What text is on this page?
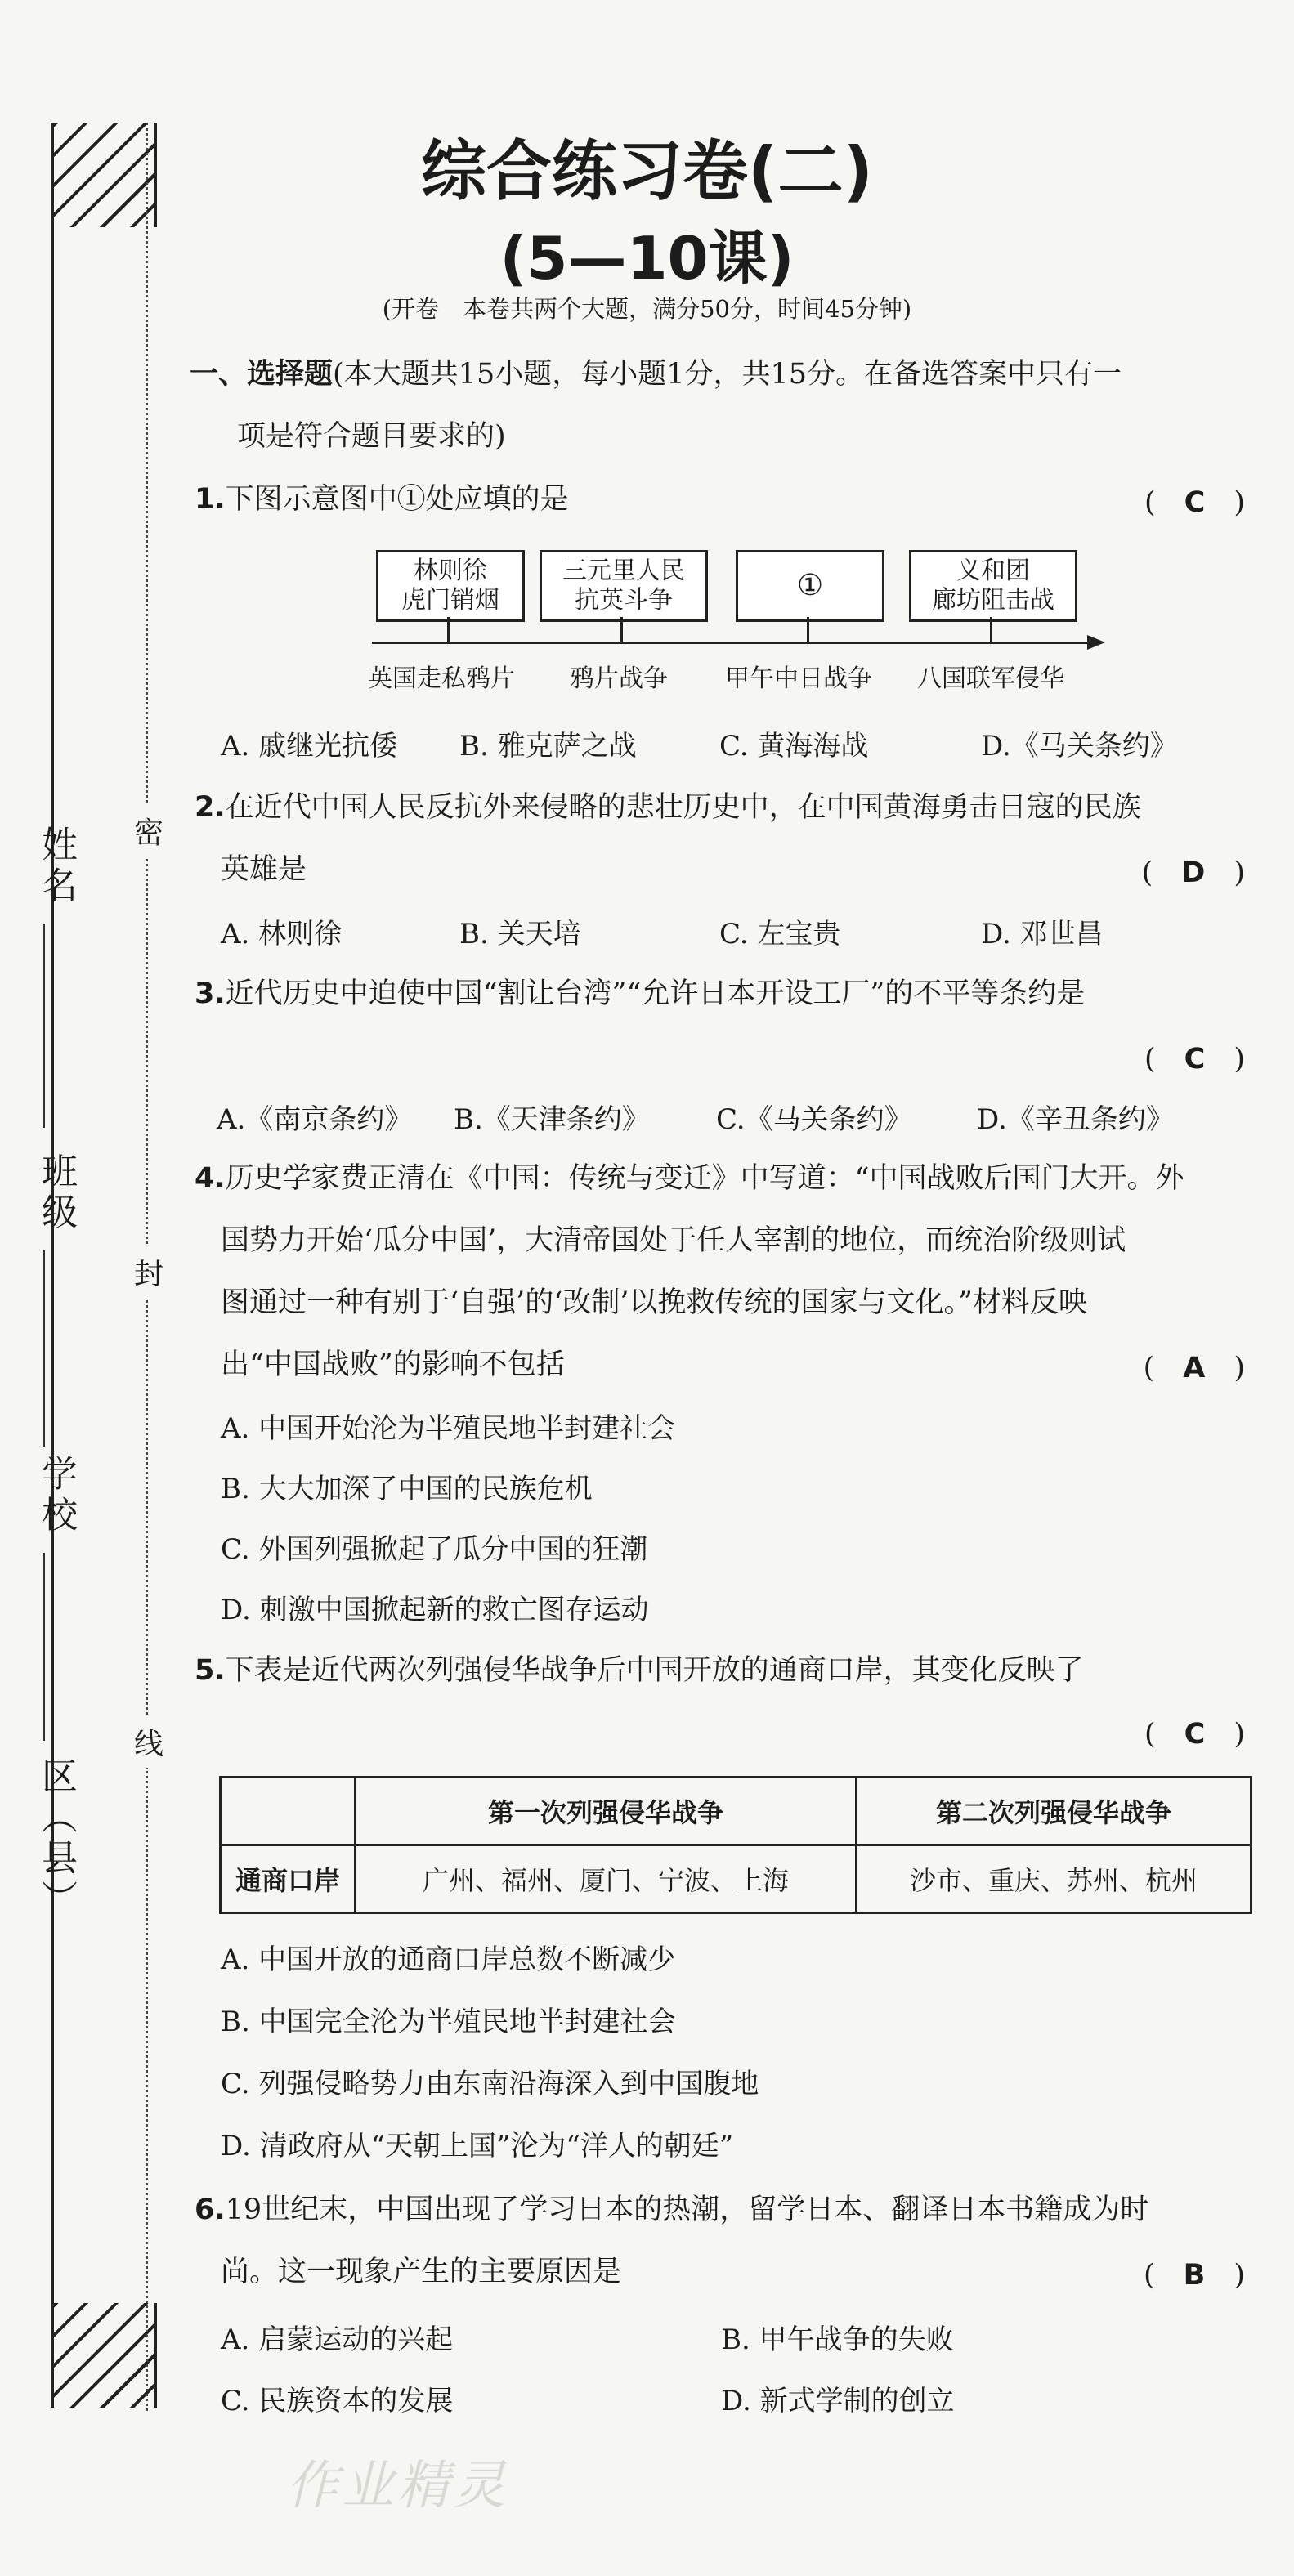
密
封
线
姓名
班级
学校
区（县）
综合练习卷(二)
(5—10课)
(开卷　本卷共两个大题，满分50分，时间45分钟)
一、选择题(本大题共15小题，每小题1分，共15分。在备选答案中只有一
项是符合题目要求的)
1.下图示意图中①处应填的是	(　C　)
林则徐
虎门销烟
三元里人民
抗英斗争	①	义和团
廊坊阻击战
英国走私鸦片 鸦片战争 甲午中日战争 八国联军侵华
A. 戚继光抗倭 B. 雅克萨之战	C. 黄海海战	D.《马关条约》
2.在近代中国人民反抗外来侵略的悲壮历史中，在中国黄海勇击日寇的民族
英雄是	(　D　)
A. 林则徐	B. 关天培	C. 左宝贵	D. 邓世昌
3.近代历史中迫使中国“割让台湾”“允许日本开设工厂”的不平等条约是
(　C　)
A.《南京条约》 B.《天津条约》 C.《马关条约》 D.《辛丑条约》
4.历史学家费正清在《中国：传统与变迁》中写道：“中国战败后国门大开。外
国势力开始‘瓜分中国’，大清帝国处于任人宰割的地位，而统治阶级则试
图通过一种有别于‘自强’的‘改制’以挽救传统的国家与文化。”材料反映
出“中国战败”的影响不包括	(　A　)
A. 中国开始沦为半殖民地半封建社会
B. 大大加深了中国的民族危机
C. 外国列强掀起了瓜分中国的狂潮
D. 刺激中国掀起新的救亡图存运动
5.下表是近代两次列强侵华战争后中国开放的通商口岸，其变化反映了
(　C　)
	第一次列强侵华战争	第二次列强侵华战争
通商口岸	广州、福州、厦门、宁波、上海	沙市、重庆、苏州、杭州
A. 中国开放的通商口岸总数不断减少
B. 中国完全沦为半殖民地半封建社会
C. 列强侵略势力由东南沿海深入到中国腹地
D. 清政府从“天朝上国”沦为“洋人的朝廷”
6.19世纪末，中国出现了学习日本的热潮，留学日本、翻译日本书籍成为时
尚。这一现象产生的主要原因是	(　B　)
A. 启蒙运动的兴起	B. 甲午战争的失败
C. 民族资本的发展	D. 新式学制的创立
作业精灵
